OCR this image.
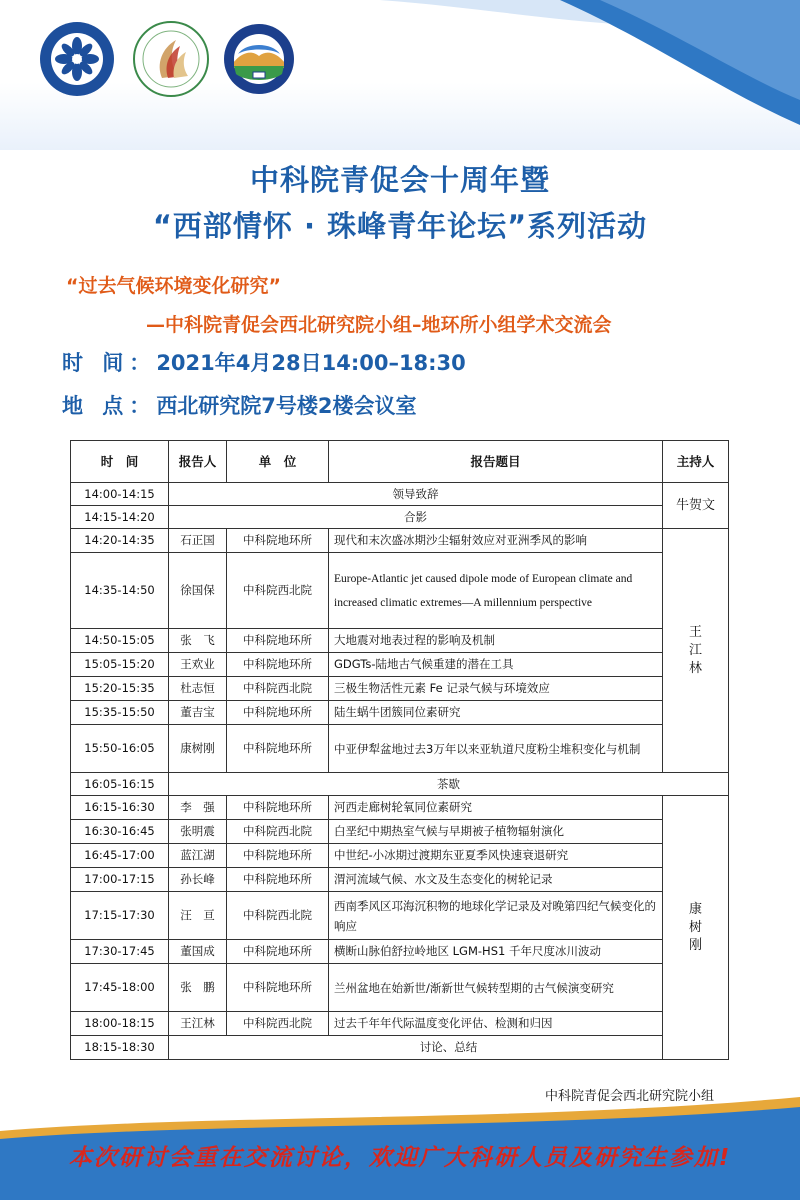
中科院青促会十周年暨
“西部情怀 · 珠峰青年论坛”系列活动
“过去气候环境变化研究”
—中科院青促会西北研究院小组–地环所小组学术交流会
时 间：2021年4月28日14:00–18:30
地 点：西北研究院7号楼2楼会议室
时　间	报告人	单　位	报告题目	主持人
14:00-14:15	领导致辞			牛贺文
14:15-14:20	合影			
14:20-14:35	石正国	中科院地环所	现代和末次盛冰期沙尘辐射效应对亚洲季风的影响	王江林
14:35-14:50	徐国保	中科院西北院	Europe-Atlantic jet caused dipole mode of European climate and increased climatic extremes—A millennium perspective	
14:50-15:05	张　飞	中科院地环所	大地震对地表过程的影响及机制	
15:05-15:20	王欢业	中科院地环所	GDGTs-陆地古气候重建的潜在工具	
15:20-15:35	杜志恒	中科院西北院	三极生物活性元素 Fe 记录气候与环境效应	
15:35-15:50	董吉宝	中科院地环所	陆生蜗牛团簇同位素研究	
15:50-16:05	康树刚	中科院地环所	中亚伊犁盆地过去3万年以来亚轨道尺度粉尘堆积变化与机制	
16:05-16:15	茶歇			
16:15-16:30	李　强	中科院地环所	河西走廊树轮氧同位素研究	康树刚
16:30-16:45	张明震	中科院西北院	白垩纪中期热室气候与早期被子植物辐射演化	
16:45-17:00	蓝江湖	中科院地环所	中世纪-小冰期过渡期东亚夏季风快速衰退研究	
17:00-17:15	孙长峰	中科院地环所	渭河流域气候、水文及生态变化的树轮记录	
17:15-17:30	汪　亘	中科院西北院	西南季风区邛海沉积物的地球化学记录及对晚第四纪气候变化的响应	
17:30-17:45	董国成	中科院地环所	横断山脉伯舒拉岭地区 LGM-HS1 千年尺度冰川波动	
17:45-18:00	张　鹏	中科院地环所	兰州盆地在始新世/渐新世气候转型期的古气候演变研究	
18:00-18:15	王江林	中科院西北院	过去千年年代际温度变化评估、检测和归因	
18:15-18:30	讨论、总结			
中科院青促会西北研究院小组
本次研讨会重在交流讨论，欢迎广大科研人员及研究生参加!
